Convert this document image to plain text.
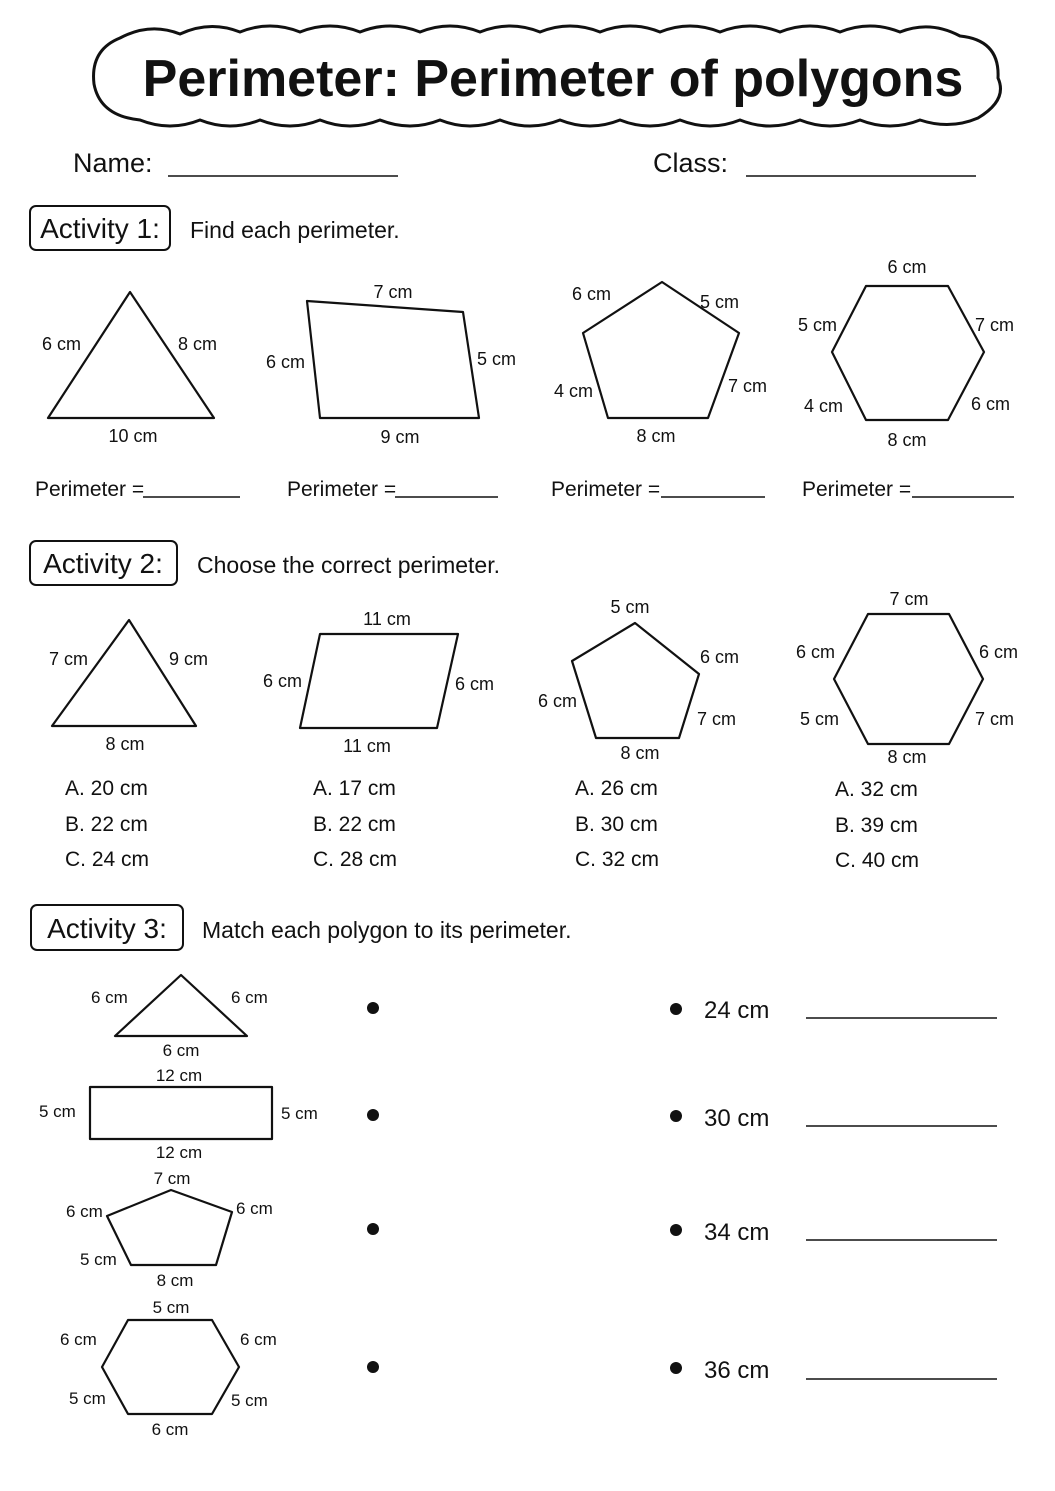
Perimeter: Perimeter of polygons
Name:	Class:
Activity 1: Find each perimeter.
6 cm	8 cm
10 cm
7 cm
6 cm	5 cm
9 cm
6 cm	5 cm
4 cm	7 cm
8 cm
6 cm
5 cm	7 cm
4 cm	6 cm
8 cm
Perimeter =	Perimeter =	Perimeter =	Perimeter =
Activity 2: Choose the correct perimeter.
7 cm	9 cm
8 cm
A. 20 cm
B. 22 cm
C. 24 cm
11 cm
6 cm	6 cm
11 cm
A. 17 cm
B. 22 cm
C. 28 cm
5 cm
6 cm
6 cm
7 cm
8 cm
A. 26 cm
B. 30 cm
C. 32 cm
7 cm
6 cm	6 cm
5 cm	7 cm
8 cm
A. 32 cm
B. 39 cm
C. 40 cm
Activity 3: Match each polygon to its perimeter.
6 cm	6 cm
6 cm
12 cm
5 cm	5 cm
12 cm
7 cm
6 cm	6 cm
5 cm
8 cm
5 cm
6 cm	6 cm
5 cm	5 cm
6 cm
24 cm
30 cm
34 cm
36 cm
